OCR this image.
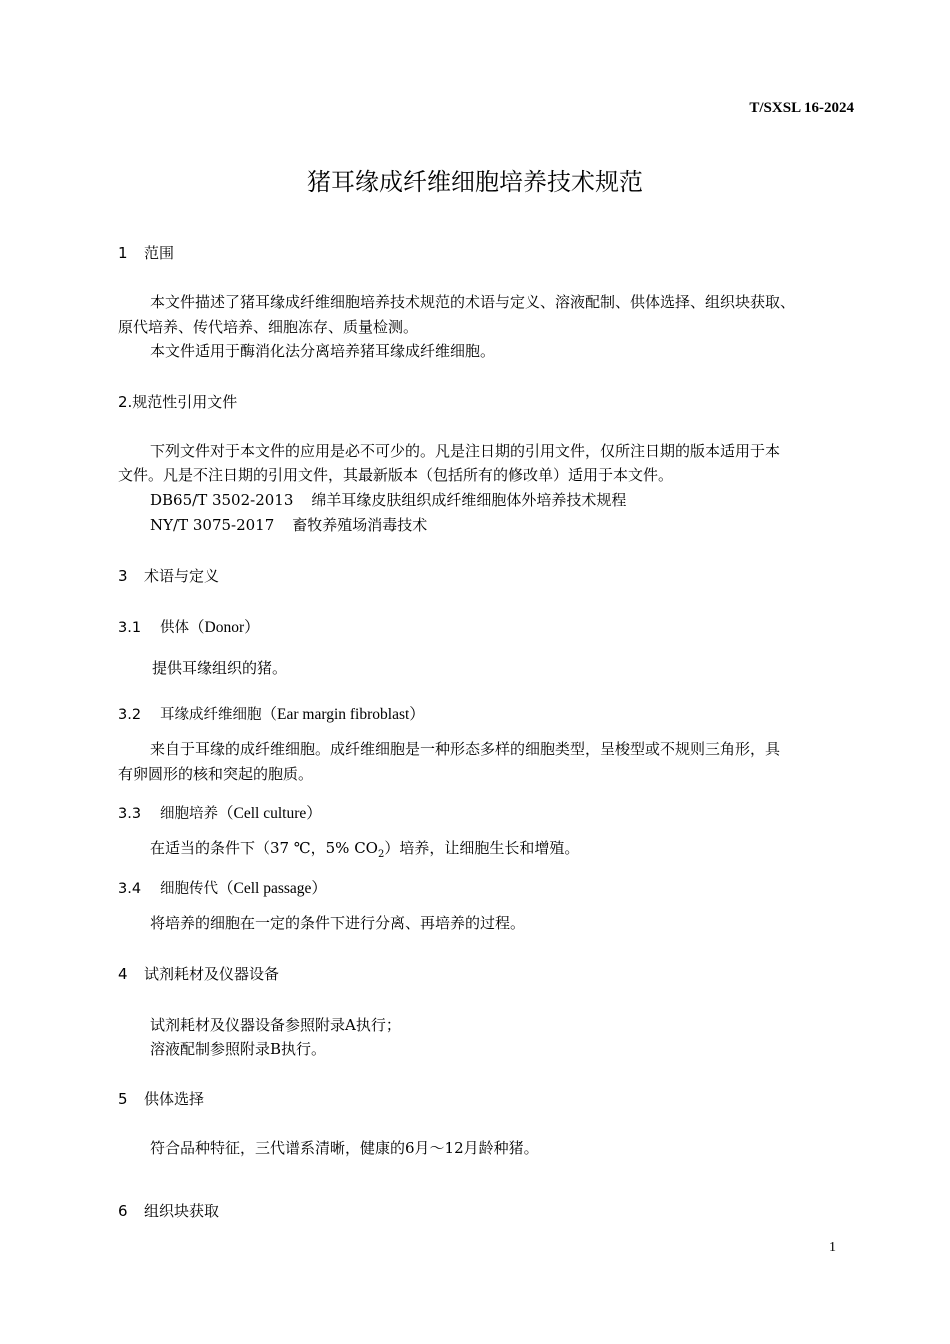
T/SXSL 16-2024
猪耳缘成纤维细胞培养技术规范
1 范围
本文件描述了猪耳缘成纤维细胞培养技术规范的术语与定义、溶液配制、供体选择、组织块获取、
原代培养、传代培养、细胞冻存、质量检测。
本文件适用于酶消化法分离培养猪耳缘成纤维细胞。
2.规范性引用文件
下列文件对于本文件的应用是必不可少的。凡是注日期的引用文件，仅所注日期的版本适用于本
文件。凡是不注日期的引用文件，其最新版本（包括所有的修改单）适用于本文件。
DB65/T 3502-2013 绵羊耳缘皮肤组织成纤维细胞体外培养技术规程
NY/T 3075-2017 畜牧养殖场消毒技术
3 术语与定义
3.1 供体（Donor）
提供耳缘组织的猪。
3.2 耳缘成纤维细胞（Ear margin fibroblast）
来自于耳缘的成纤维细胞。成纤维细胞是一种形态多样的细胞类型，呈梭型或不规则三角形，具
有卵圆形的核和突起的胞质。
3.3 细胞培养（Cell culture）
在适当的条件下（37 ℃，5% $CO_2$）培养，让细胞生长和增殖。
3.4 细胞传代（Cell passage）
将培养的细胞在一定的条件下进行分离、再培养的过程。
4 试剂耗材及仪器设备
试剂耗材及仪器设备参照附录A执行；
溶液配制参照附录B执行。
5 供体选择
符合品种特征，三代谱系清晰，健康的6月～12月龄种猪。
6 组织块获取
1
